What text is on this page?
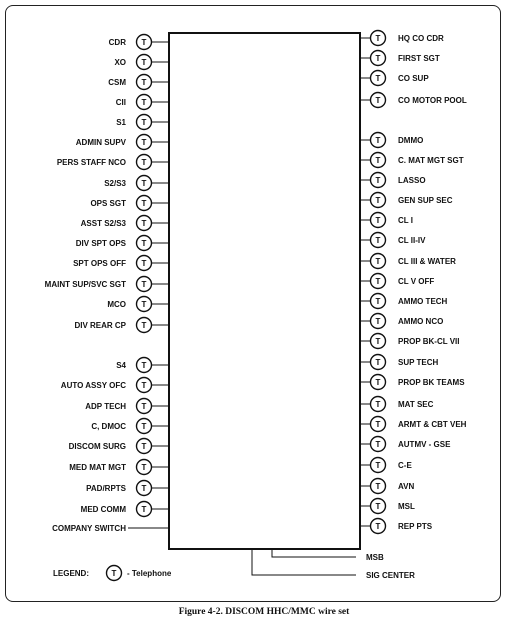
CDR T
XO T
CSM T
CII T
S1 T
ADMIN SUPV T
PERS STAFF NCO T
S2/S3 T
OPS SGT T
ASST S2/S3 T
DIV SPT OPS T
SPT OPS OFF T
MAINT SUP/SVC SGT T
MCO T
DIV REAR CP T
S4 T
AUTO ASSY OFC T
ADP TECH T
C, DMOC T
DISCOM SURG T
MED MAT MGT T
PAD/RPTS T
MED COMM T
COMPANY SWITCH
T HQ CO CDR
T FIRST SGT
T CO SUP
T CO MOTOR POOL
T DMMO
T C. MAT MGT SGT
T LASSO
T GEN SUP SEC
T CL I
T CL II-IV
T CL III & WATER
T CL V OFF
T AMMO TECH
T AMMO NCO
T PROP BK-CL VII
T SUP TECH
T PROP BK TEAMS
T MAT SEC
T ARMT & CBT VEH
T AUTMV - GSE
T C-E
T AVN
T MSL
T REP PTS
MSB
SIG CENTER
LEGEND:	T - Telephone
Figure 4-2. DISCOM HHC/MMC wire set
